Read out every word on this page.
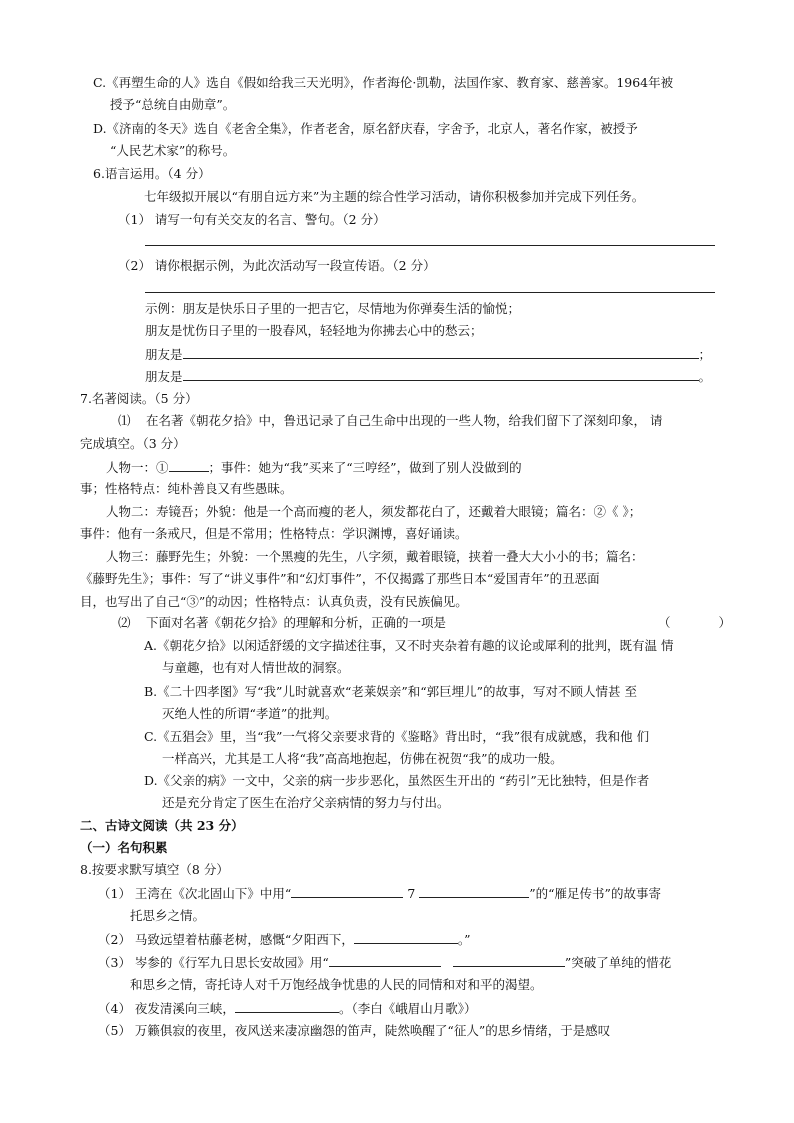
C.《再塑生命的人》选自《假如给我三天光明》，作者海伦·凯勒，法国作家、教育家、慈善家。1964年被
授予“总统自由勋章”。
D.《济南的冬天》选自《老舍全集》，作者老舍，原名舒庆春，字舍予，北京人，著名作家，被授予
“人民艺术家”的称号。
6.语言运用。（4 分）
七年级拟开展以“有朋自远方来”为主题的综合性学习活动，请你积极参加并完成下列任务。
（1） 请写一句有关交友的名言、警句。（2 分）
（2） 请你根据示例，为此次活动写一段宣传语。（2 分）
示例：朋友是快乐日子里的一把吉它，尽情地为你弹奏生活的愉悦；
朋友是忧伤日子里的一股春风，轻轻地为你拂去心中的愁云；
朋友是	；
朋友是	。
7.名著阅读。（5 分）
⑴ 在名著《朝花夕拾》中，鲁迅记录了自己生命中出现的一些人物，给我们留下了深刻印象， 请
完成填空。（3 分）
人物一：①	；事件：她为“我”买来了“三哼经”，做到了别人没做到的
事；性格特点：纯朴善良又有些愚昧。
人物二：寿镜吾；外貌：他是一个高而瘦的老人，须发都花白了，还戴着大眼镜；篇名：②《 》；
事件：他有一条戒尺，但是不常用；性格特点：学识渊博，喜好诵读。
人物三：藤野先生；外貌：一个黑瘦的先生，八字须，戴着眼镜，挟着一叠大大小小的书；篇名：
《藤野先生》；事件：写了“讲义事件”和“幻灯事件”，不仅揭露了那些日本“爱国青年”的丑恶面
目，也写出了自己“③”的动因；性格特点：认真负责，没有民族偏见。
⑵ 下面对名著《朝花夕拾》的理解和分析，正确的一项是	（	）
A.《朝花夕拾》以闲适舒缓的文字描述往事，又不时夹杂着有趣的议论或犀利的批判，既有温 情
与童趣，也有对人情世故的洞察。
B.《二十四孝图》写“我”儿时就喜欢“老莱娱亲”和“郭巨埋儿”的故事，写对不顾人情甚 至
灭绝人性的所谓“孝道”的批判。
C.《五猖会》里，当“我”一气将父亲要求背的《鉴略》背出时，“我”很有成就感，我和他 们
一样高兴，尤其是工人将“我”高高地抱起，仿佛在祝贺“我”的成功一般。
D.《父亲的病》一文中，父亲的病一步步恶化，虽然医生开出的 “药引”无比独特，但是作者
还是充分肯定了医生在治疗父亲病情的努力与付出。
二、古诗文阅读（共 23 分）
（一）名句积累
8.按要求默写填空（8 分）
（1） 王湾在《次北固山下》中用“	7	”的“雁足传书”的故事寄
托思乡之情。
（2） 马致远望着枯藤老树，感慨“夕阳西下，	。”
（3） 岑参的《行军九日思长安故园》用“	”突破了单纯的惜花
和思乡之情，寄托诗人对千万饱经战争忧患的人民的同情和对和平的渴望。
（4） 夜发清溪向三峡，	。（李白《峨眉山月歌》）
（5） 万籁俱寂的夜里，夜风送来凄凉幽怨的笛声，陡然唤醒了“征人”的思乡情绪，于是感叹
